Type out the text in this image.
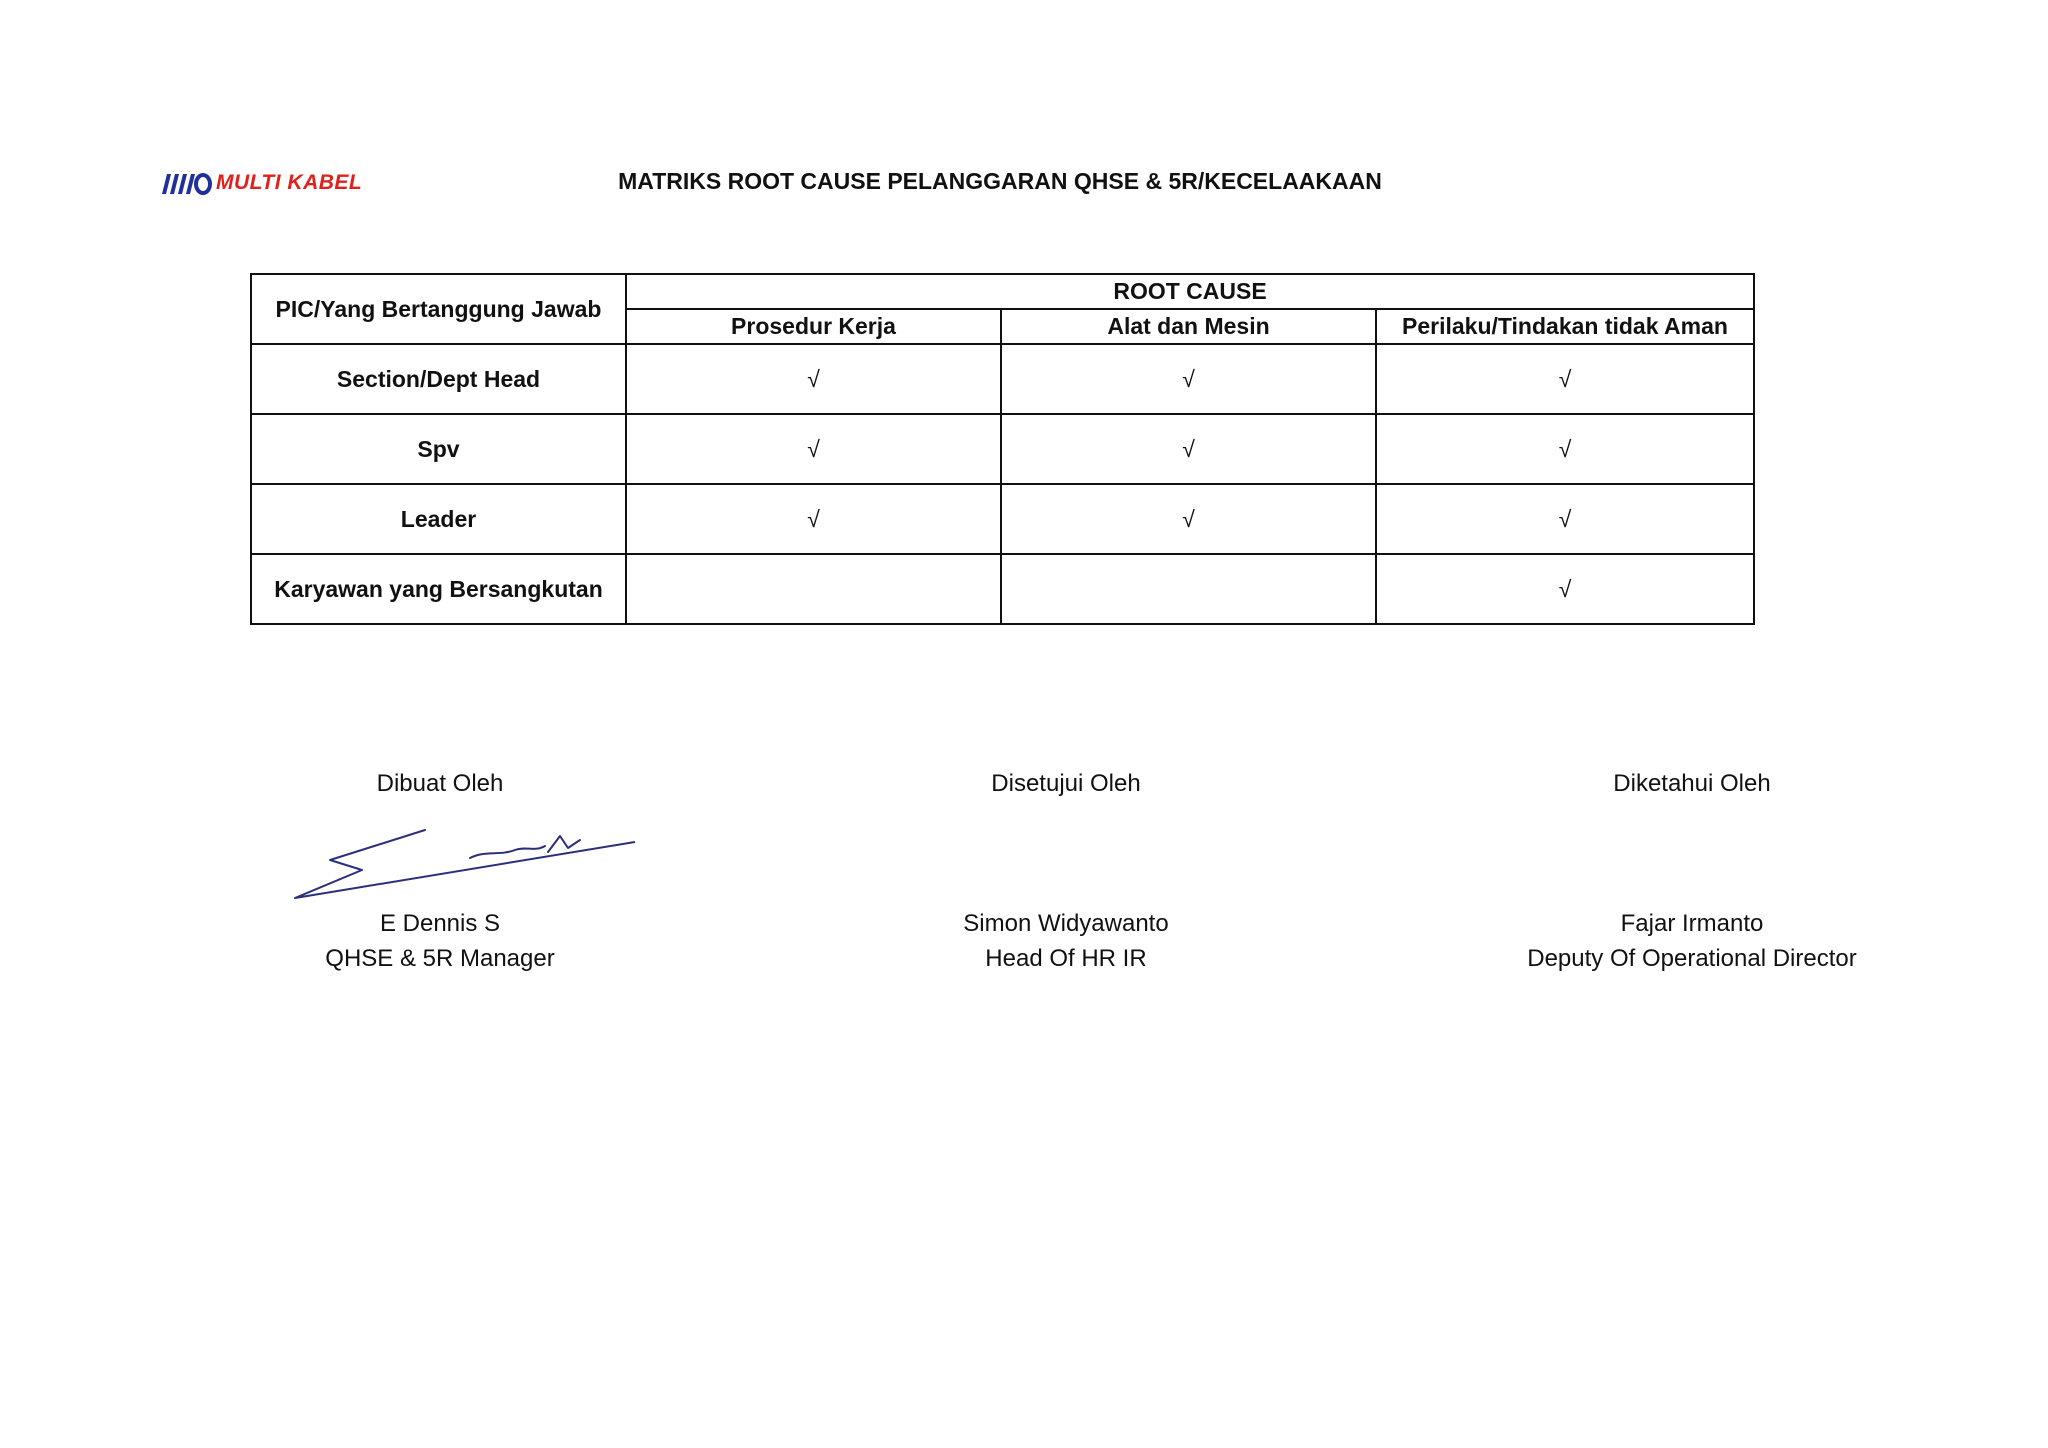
MULTI KABEL	MATRIKS ROOT CAUSE PELANGGARAN QHSE & 5R/KECELAAKAAN
PIC/Yang Bertanggung Jawab	ROOT CAUSE		
	Prosedur Kerja	Alat dan Mesin	Perilaku/Tindakan tidak Aman
Section/Dept Head	√	√	√
Spv	√	√	√
Leader	√	√	√
Karyawan yang Bersangkutan			√
Dibuat Oleh	Disetujui Oleh	Diketahui Oleh
E Dennis S	Simon Widyawanto	Fajar Irmanto
QHSE & 5R Manager	Head Of HR IR	Deputy Of Operational Director
